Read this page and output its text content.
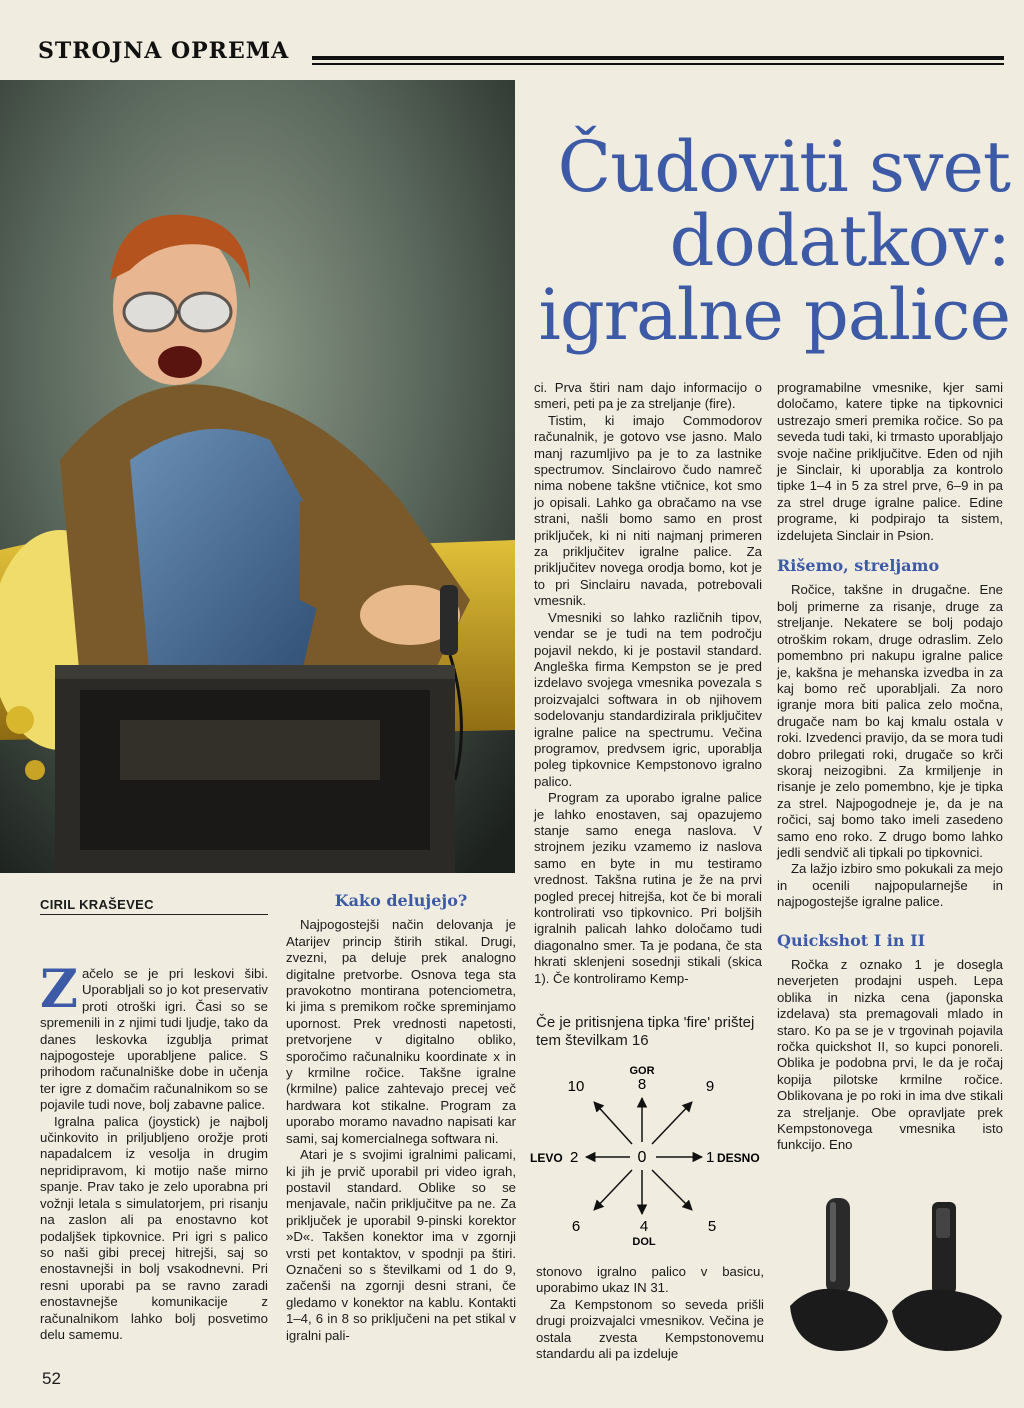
STROJNA OPREMA
Čudoviti svet
dodatkov:
igralne palice
CIRIL KRAŠEVEC

Začelo se je pri leskovi šibi. Uporabljali so jo kot preservativ proti otroški igri. Časi so se spremenili in z njimi tudi ljudje, tako da danes leskovka izgublja primat najpogosteje uporabljene palice. S prihodom računalniške dobe in učenja ter igre z domačim računalnikom so se pojavile tudi nove, bolj zabavne palice.

Igralna palica (joystick) je najbolj učinkovito in priljubljeno orožje proti napadalcem iz vesolja in drugim nepridipravom, ki motijo naše mirno spanje. Prav tako je zelo uporabna pri vožnji letala s simulatorjem, pri risanju na zaslon ali pa enostavno kot podaljšek tipkovnice. Pri igri s palico so naši gibi precej hitrejši, saj so enostavnejši in bolj vsakodnevni. Pri resni uporabi pa se ravno zaradi enostavnejše komunikacije z računalnikom lahko bolj posvetimo delu samemu.

52
Kako delujejo?

Najpogostejši način delovanja je Atarijev princip štirih stikal. Drugi, zvezni, pa deluje prek analogno digitalne pretvorbe. Osnova tega sta pravokotno montirana potenciometra, ki jima s premikom ročke spreminjamo upornost. Prek vrednosti napetosti, pretvorjene v digitalno obliko, sporočimo računalniku koordinate x in y krmilne ročice. Takšne igralne (krmilne) palice zahtevajo precej več hardwara kot stikalne. Program za uporabo moramo navadno napisati kar sami, saj komercialnega softwara ni.

Atari je s svojimi igralnimi palicami, ki jih je prvič uporabil pri video igrah, postavil standard. Oblike so se menjavale, način priključitve pa ne. Za priključek je uporabil 9-pinski korektor »D«. Takšen konektor ima v zgornji vrsti pet kontaktov, v spodnji pa štiri. Označeni so s številkami od 1 do 9, začenši na zgornji desni strani, če gledamo v konektor na kablu. Kontakti 1–4, 6 in 8 so priključeni na pet stikal v igralni pali-

ci. Prva štiri nam dajo informacijo o smeri, peti pa je za streljanje (fire).

Tistim, ki imajo Commodorov računalnik, je gotovo vse jasno. Malo manj razumljivo pa je to za lastnike spectrumov. Sinclairovo čudo namreč nima nobene takšne vtičnice, kot smo jo opisali. Lahko ga obračamo na vse strani, našli bomo samo en prost priključek, ki ni niti najmanj primeren za priključitev igralne palice. Za priključitev novega orodja bomo, kot je to pri Sinclairu navada, potrebovali vmesnik.

Vmesniki so lahko različnih tipov, vendar se je tudi na tem področju pojavil nekdo, ki je postavil standard. Angleška firma Kempston se je pred izdelavo svojega vmesnika povezala s proizvajalci softwara in ob njihovem sodelovanju standardizirala priključitev igralne palice na spectrumu. Večina programov, predvsem igric, uporablja poleg tipkovnice Kempstonovo igralno palico.

Program za uporabo igralne palice je lahko enostaven, saj opazujemo stanje samo enega naslova. V strojnem jeziku vzamemo iz naslova samo en byte in mu testiramo vrednost. Takšna rutina je že na prvi pogled precej hitrejša, kot če bi morali kontrolirati vso tipkovnico. Pri boljših igralnih palicah lahko določamo tudi diagonalno smer. Ta je podana, če sta hkrati sklenjeni sosednji stikali (skica 1). Če kontroliramo Kemp-

Če je pritisnjena tipka 'fire' prištej tem številkam 16
10
GOR
8	9
LEVO 2	0	1 DESNO
6	4
DOL
5

stonovo igralno palico v basicu, uporabimo ukaz IN 31.

Za Kempstonom so seveda prišli drugi proizvajalci vmesnikov. Večina je ostala zvesta Kempstonovemu standardu ali pa izdeluje

programabilne vmesnike, kjer sami določamo, katere tipke na tipkovnici ustrezajo smeri premika ročice. So pa seveda tudi taki, ki trmasto uporabljajo svoje načine priključitve. Eden od njih je Sinclair, ki uporablja za kontrolo tipke 1–4 in 5 za strel prve, 6–9 in pa za strel druge igralne palice. Edine programe, ki podpirajo ta sistem, izdelujeta Sinclair in Psion.

Rišemo, streljamo

Ročice, takšne in drugačne. Ene bolj primerne za risanje, druge za streljanje. Nekatere se bolj podajo otroškim rokam, druge odraslim. Zelo pomembno pri nakupu igralne palice je, kakšna je mehanska izvedba in za kaj bomo reč uporabljali. Za noro igranje mora biti palica zelo močna, drugače nam bo kaj kmalu ostala v roki. Izvedenci pravijo, da se mora tudi dobro prilegati roki, drugače so krči skoraj neizogibni. Za krmiljenje in risanje je zelo pomembno, kje je tipka za strel. Najpogodneje je, da je na ročici, saj bomo tako imeli zasedeno samo eno roko. Z drugo bomo lahko jedli sendvič ali tipkali po tipkovnici.

Za lažjo izbiro smo pokukali za mejo in ocenili najpopularnejše in najpogostejše igralne palice.

Quickshot I in II

Ročka z oznako 1 je dosegla neverjeten prodajni uspeh. Lepa oblika in nizka cena (japonska izdelava) sta premagovali mlado in staro. Ko pa se je v trgovinah pojavila ročka quickshot II, so kupci ponoreli. Oblika je podobna prvi, le da je ročaj kopija pilotske krmilne ročice. Oblikovana je po roki in ima dve stikali za streljanje. Obe opravljate prek Kempstonovega vmesnika isto funkcijo. Eno
